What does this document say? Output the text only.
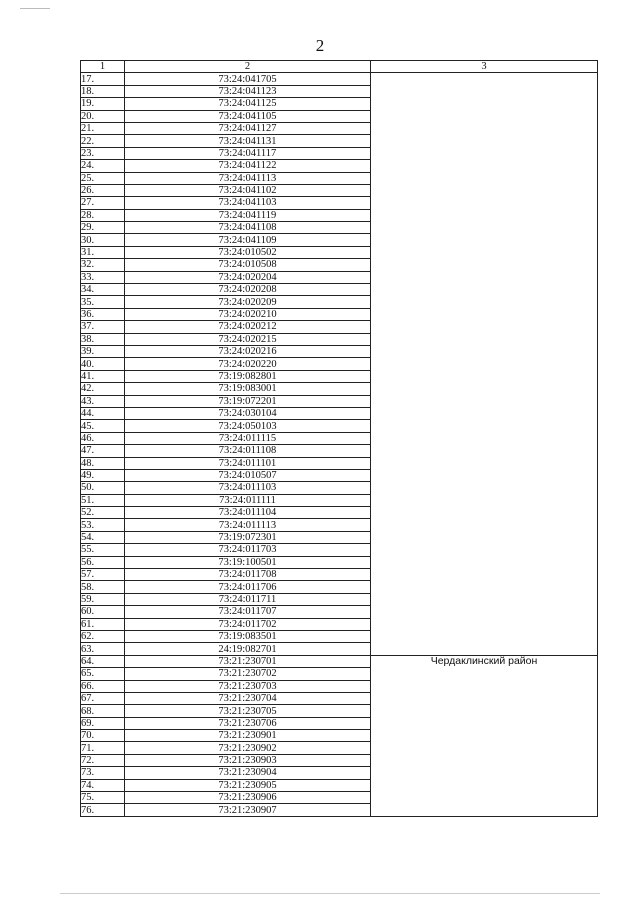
2
1	2	3
17.	73:24:041705	
18.	73:24:041123	
19.	73:24:041125	
20.	73:24:041105	
21.	73:24:041127	
22.	73:24:041131	
23.	73:24:041117	
24.	73:24:041122	
25.	73:24:041113	
26.	73:24:041102	
27.	73:24:041103	
28.	73:24:041119	
29.	73:24:041108	
30.	73:24:041109	
31.	73:24:010502	
32.	73:24:010508	
33.	73:24:020204	
34.	73:24:020208	
35.	73:24:020209	
36.	73:24:020210	
37.	73:24:020212	
38.	73:24:020215	
39.	73:24:020216	
40.	73:24:020220	
41.	73:19:082801	
42.	73:19:083001	
43.	73:19:072201	
44.	73:24:030104	
45.	73:24:050103	
46.	73:24:011115	
47.	73:24:011108	
48.	73:24:011101	
49.	73:24:010507	
50.	73:24:011103	
51.	73:24:011111	
52.	73:24:011104	
53.	73:24:011113	
54.	73:19:072301	
55.	73:24:011703	
56.	73:19:100501	
57.	73:24:011708	
58.	73:24:011706	
59.	73:24:011711	
60.	73:24:011707	
61.	73:24:011702	
62.	73:19:083501	
63.	24:19:082701	
64.	73:21:230701	Чердаклинский район
65.	73:21:230702	
66.	73:21:230703	
67.	73:21:230704	
68.	73:21:230705	
69.	73:21:230706	
70.	73:21:230901	
71.	73:21:230902	
72.	73:21:230903	
73.	73:21:230904	
74.	73:21:230905	
75.	73:21:230906	
76.	73:21:230907	
